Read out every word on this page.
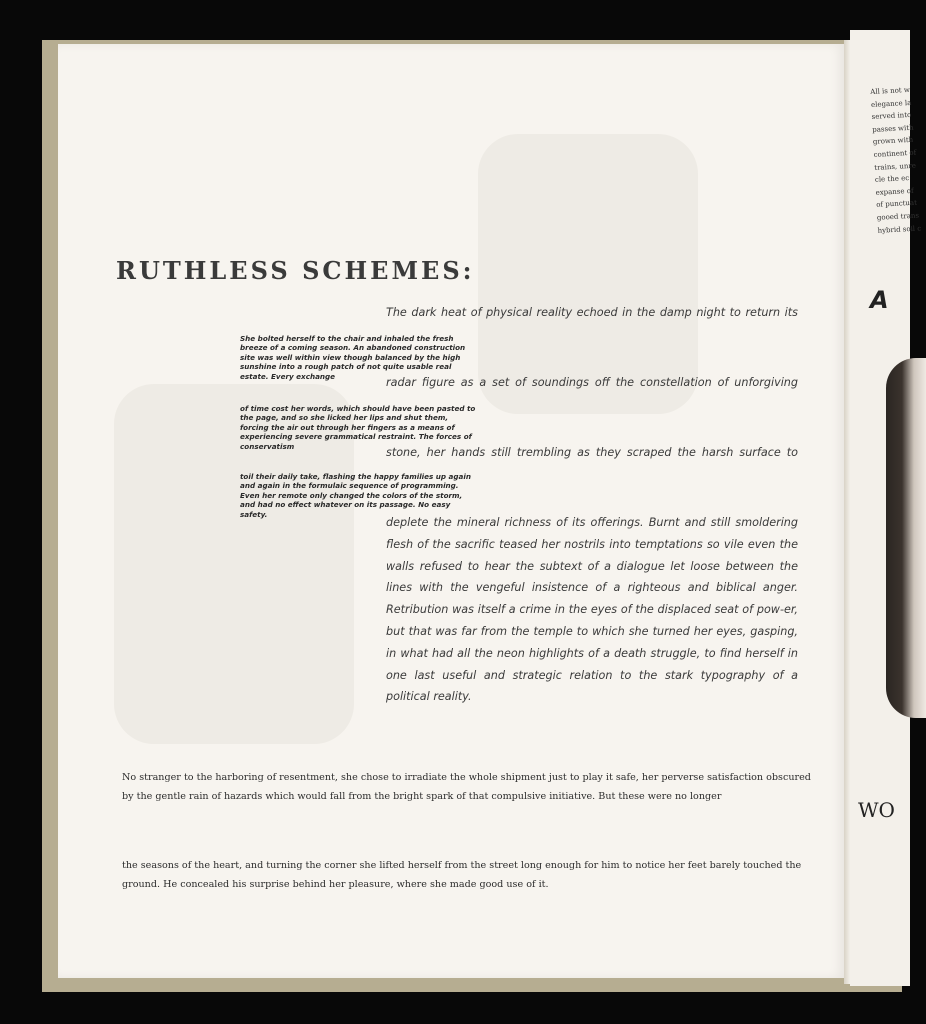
RUTHLESS SCHEMES:

The dark heat of physical reality echoed in the damp night to return its

She bolted herself to the chair and inhaled the fresh breeze of a coming season. An abandoned construction site was well within view though balanced by the high sunshine into a rough patch of not quite usable real estate. Every exchange	radar figure as a set of soundings off the constellation of unforgiving

of time cost her words, which should have been pasted to the page, and so she licked her lips and shut them, forcing the air out through her fingers as a means of experiencing severe grammatical restraint. The forces of conservatism	stone, her hands still trembling as they scraped the harsh surface to

toil their daily take, flashing the happy families up again and again in the formulaic sequence of programming. Even her remote only changed the colors of the storm, and had no effect whatever on its passage. No easy safety.

deplete the mineral richness of its offerings. Burnt and still smoldering flesh of the sacrific teased her nostrils into temptations so vile even the walls refused to hear the subtext of a dialogue let loose between the lines with the vengeful insistence of a righteous and biblical anger. Retribution was itself a crime in the eyes of the displaced seat of pow-er, but that was far from the temple to which she turned her eyes, gasping, in what had all the neon highlights of a death struggle, to find herself in one last useful and strategic relation to the stark typography of a political reality.

No stranger to the harboring of resentment, she chose to irradiate the whole shipment just to play it safe, her perverse satisfaction obscured by the gentle rain of hazards which would fall from the bright spark of that compulsive initiative. But these were no longer

the seasons of the heart, and turning the corner she lifted herself from the street long enough for him to notice her feet barely touched the ground. He concealed his surprise behind her pleasure, where she made good use of it.

All is not w
elegance la
served into
passes with
grown with
continent of
trains, unre
cle the ec
expanse of
of punctuat
gooed trans
hybrid soil c
A
WO
